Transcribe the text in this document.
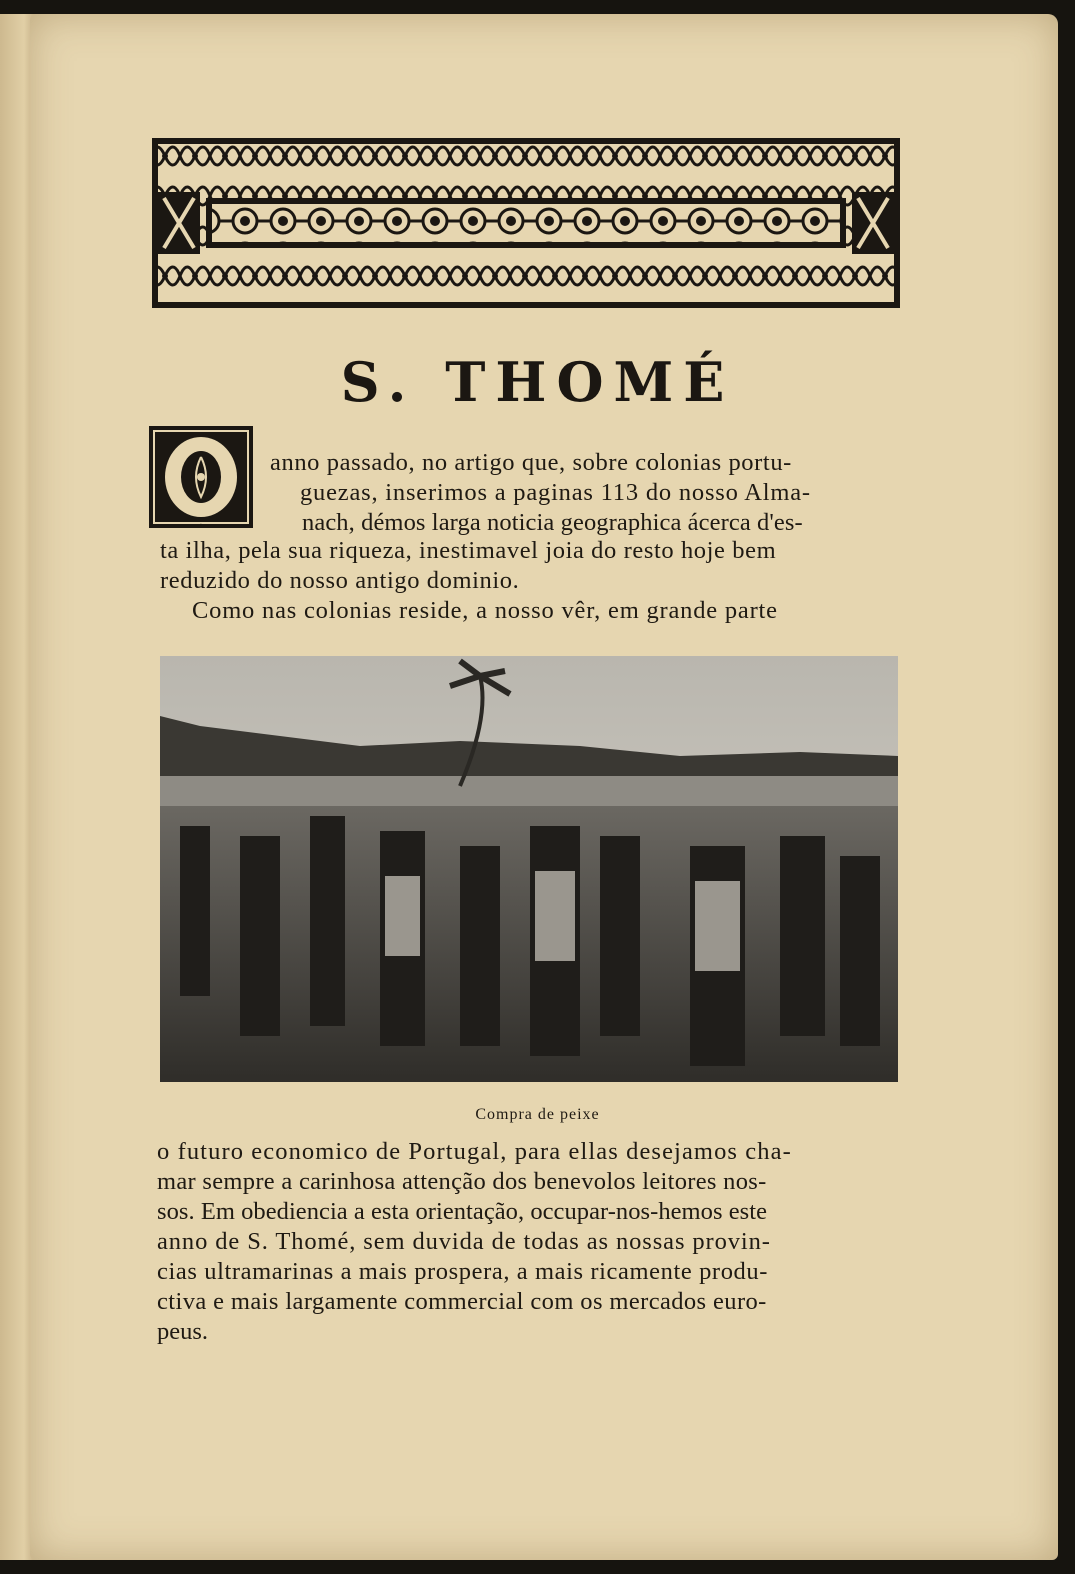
S. THOMÉ
O
anno passado, no artigo que, sobre colonias portu-
guezas, inserimos a paginas 113 do nosso Alma-
nach, démos larga noticia geographica ácerca d'es-
ta ilha, pela sua riqueza, inestimavel joia do resto hoje bem
reduzido do nosso antigo dominio.
Como nas colonias reside, a nosso vêr, em grande parte
Compra de peixe
o futuro economico de Portugal, para ellas desejamos cha-
mar sempre a carinhosa attenção dos benevolos leitores nos-
sos. Em obediencia a esta orientação, occupar-nos-hemos este
anno de S. Thomé, sem duvida de todas as nossas provin-
cias ultramarinas a mais prospera, a mais ricamente produ-
ctiva e mais largamente commercial com os mercados euro-
peus.
